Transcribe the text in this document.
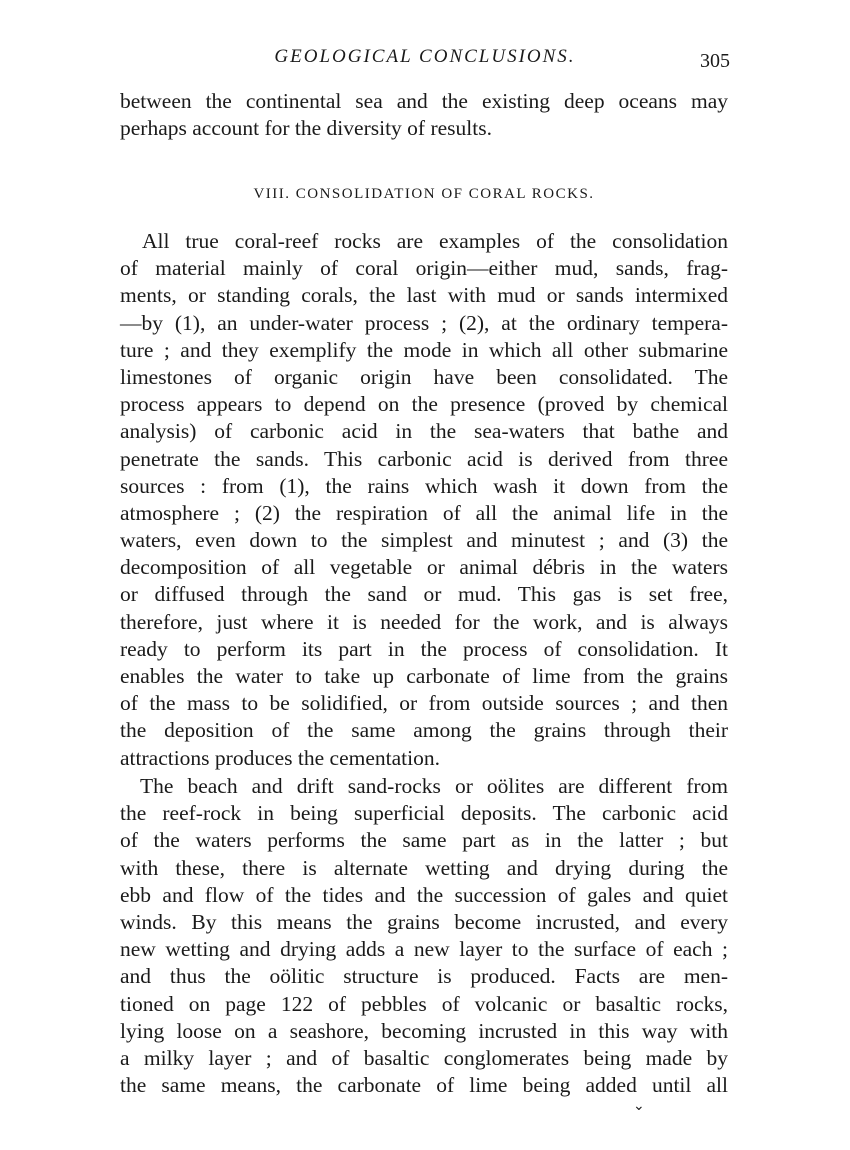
GEOLOGICAL CONCLUSIONS.	305
between the continental sea and the existing deep oceans may
perhaps account for the diversity of results.
VIII. CONSOLIDATION OF CORAL ROCKS.
All true coral-reef rocks are examples of the consolidation
of material mainly of coral origin—either mud, sands, frag-
ments, or standing corals, the last with mud or sands intermixed
—by (1), an under-water process ; (2), at the ordinary tempera-
ture ; and they exemplify the mode in which all other submarine
limestones of organic origin have been consolidated. The
process appears to depend on the presence (proved by chemical
analysis) of carbonic acid in the sea-waters that bathe and
penetrate the sands. This carbonic acid is derived from three
sources : from (1), the rains which wash it down from the
atmosphere ; (2) the respiration of all the animal life in the
waters, even down to the simplest and minutest ; and (3) the
decomposition of all vegetable or animal débris in the waters
or diffused through the sand or mud. This gas is set free,
therefore, just where it is needed for the work, and is always
ready to perform its part in the process of consolidation. It
enables the water to take up carbonate of lime from the grains
of the mass to be solidified, or from outside sources ; and then
the deposition of the same among the grains through their
attractions produces the cementation.
The beach and drift sand-rocks or oölites are different from
the reef-rock in being superficial deposits. The carbonic acid
of the waters performs the same part as in the latter ; but
with these, there is alternate wetting and drying during the
ebb and flow of the tides and the succession of gales and quiet
winds. By this means the grains become incrusted, and every
new wetting and drying adds a new layer to the surface of each ;
and thus the oölitic structure is produced. Facts are men-
tioned on page 122 of pebbles of volcanic or basaltic rocks,
lying loose on a seashore, becoming incrusted in this way with
a milky layer ; and of basaltic conglomerates being made by
the same means, the carbonate of lime being added until all
⌄
